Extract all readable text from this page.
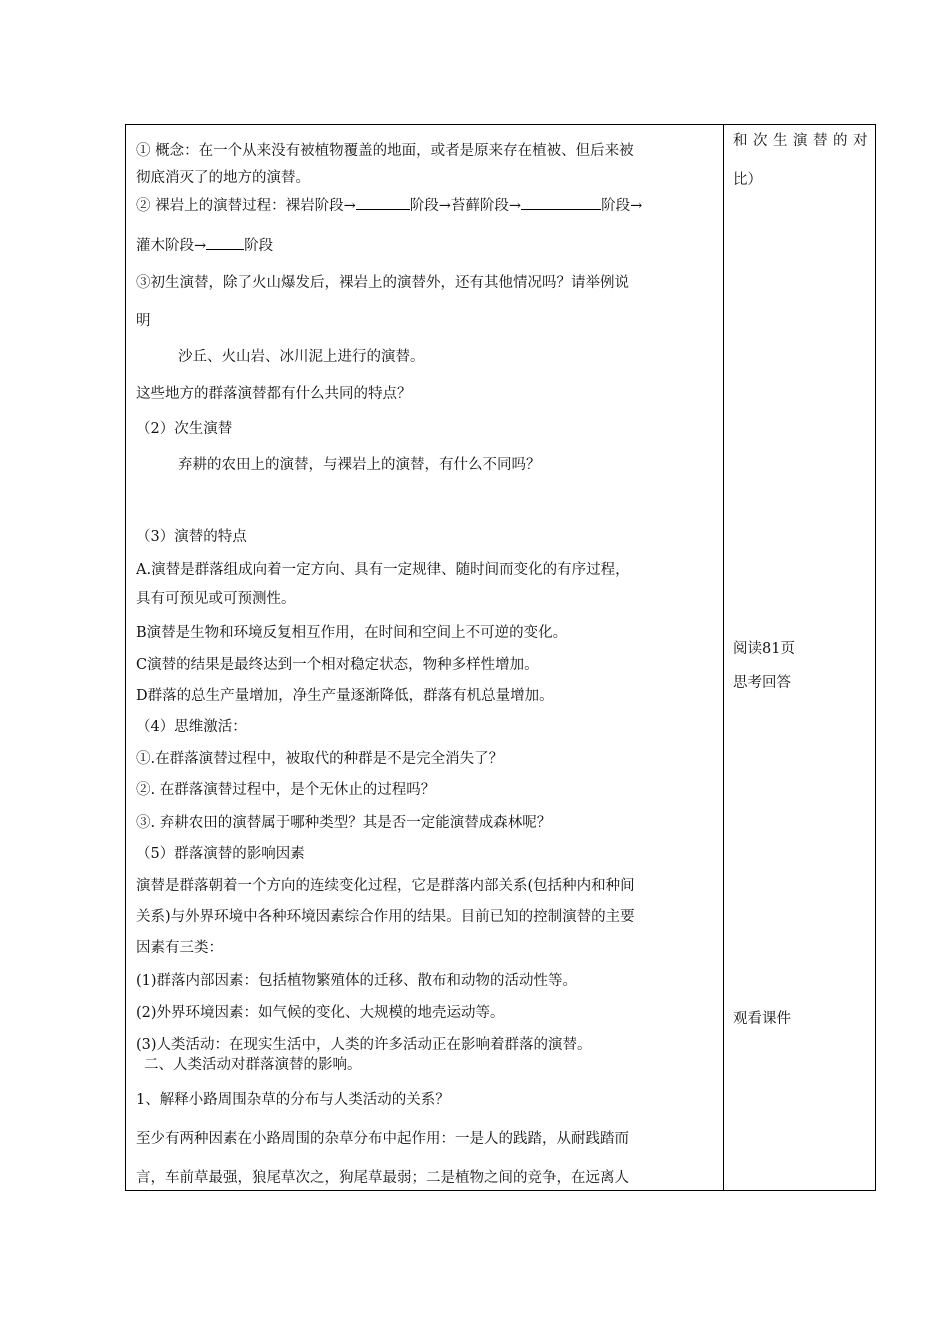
① 概念：在一个从来没有被植物覆盖的地面，或者是原来存在植被、但后来被
彻底消灭了的地方的演替。
② 裸岩上的演替过程：裸岩阶段→	阶段→苔藓阶段→	阶段→
灌木阶段→	阶段
③初生演替，除了火山爆发后，裸岩上的演替外，还有其他情况吗？请举例说
明
沙丘、火山岩、冰川泥上进行的演替。
这些地方的群落演替都有什么共同的特点？
（2）次生演替
弃耕的农田上的演替，与裸岩上的演替，有什么不同吗？
（3）演替的特点
A.演替是群落组成向着一定方向、具有一定规律、随时间而变化的有序过程，
具有可预见或可预测性。
B演替是生物和环境反复相互作用，在时间和空间上不可逆的变化。
C演替的结果是最终达到一个相对稳定状态，物种多样性增加。
D群落的总生产量增加，净生产量逐渐降低，群落有机总量增加。
（4）思维激活：
①.在群落演替过程中，被取代的种群是不是完全消失了？
②. 在群落演替过程中，是个无休止的过程吗？
③. 弃耕农田的演替属于哪种类型？其是否一定能演替成森林呢？
（5）群落演替的影响因素
演替是群落朝着一个方向的连续变化过程，它是群落内部关系(包括种内和种间
关系)与外界环境中各种环境因素综合作用的结果。目前已知的控制演替的主要
因素有三类：
(1)群落内部因素：包括植物繁殖体的迁移、散布和动物的活动性等。
(2)外界环境因素：如气候的变化、大规模的地壳运动等。
(3)人类活动：在现实生活中，人类的许多活动正在影响着群落的演替。
二、人类活动对群落演替的影响。
1、解释小路周围杂草的分布与人类活动的关系？
至少有两种因素在小路周围的杂草分布中起作用：一是人的践踏，从耐践踏而
言，车前草最强，狼尾草次之，狗尾草最弱；二是植物之间的竞争，在远离人
和次生演替的对
比）
阅读81页
思考回答
观看课件
